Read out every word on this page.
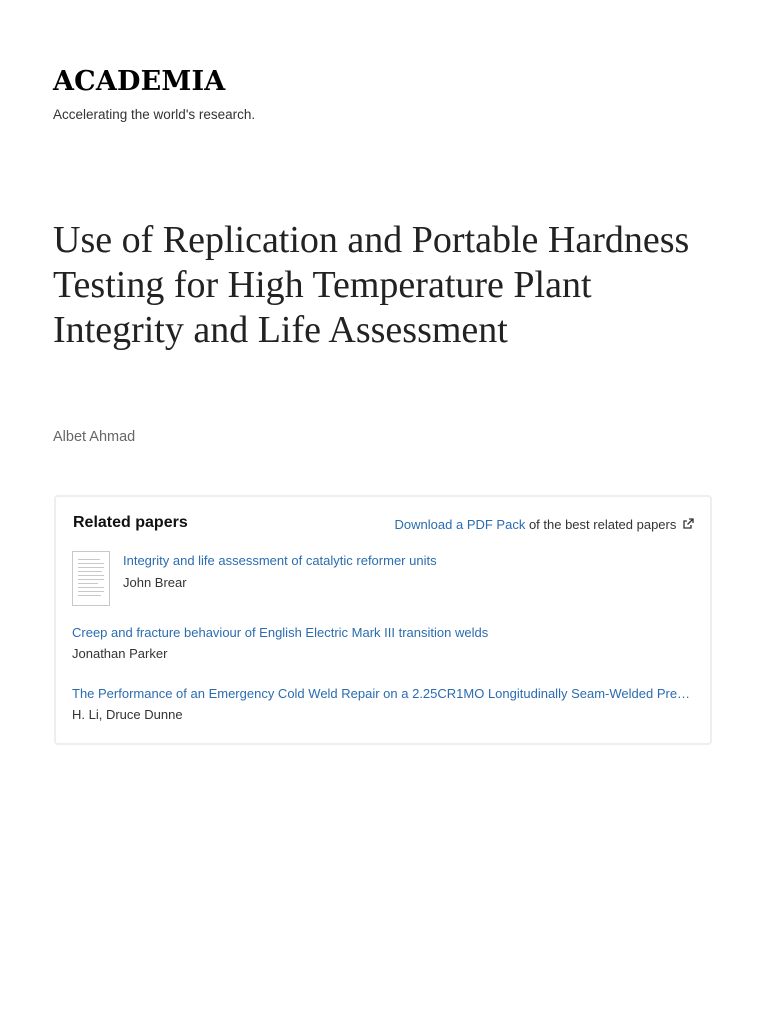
ACADEMIA
Accelerating the world's research.
Use of Replication and Portable Hardness Testing for High Temperature Plant Integrity and Life Assessment
Albet Ahmad
Related papers	Download a PDF Pack of the best related papers
Integrity and life assessment of catalytic reformer units
John Brear
Creep and fracture behaviour of English Electric Mark III transition welds
Jonathan Parker
The Performance of an Emergency Cold Weld Repair on a 2.25CR1MO Longitudinally Seam-Welded Pre…
H. Li, Druce Dunne
